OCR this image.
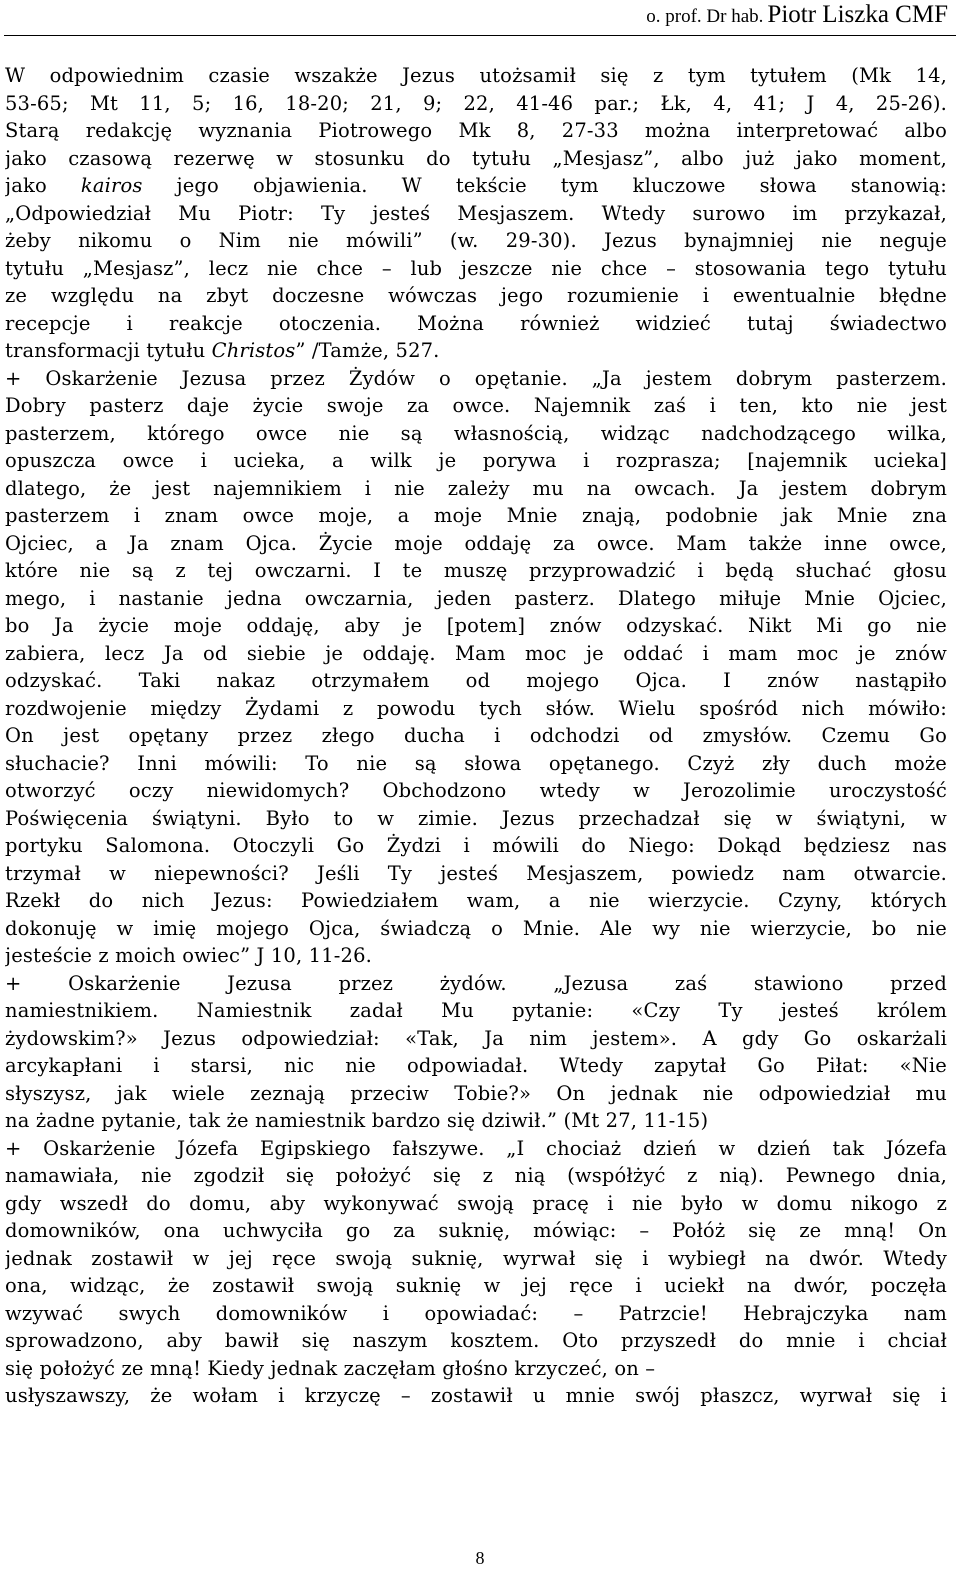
o. prof. Dr hab. Piotr Liszka CMF
W odpowiednim czasie wszakże Jezus utożsamił się z tym tytułem (Mk 14,
53-65; Mt 11, 5; 16, 18-20; 21, 9; 22, 41-46 par.; Łk, 4, 41; J 4, 25-26).
Starą redakcję wyznania Piotrowego Mk 8, 27-33 można interpretować albo
jako czasową rezerwę w stosunku do tytułu „Mesjasz”, albo już jako moment,
jako kairos jego objawienia. W tekście tym kluczowe słowa stanowią:
„Odpowiedział Mu Piotr: Ty jesteś Mesjaszem. Wtedy surowo im przykazał,
żeby nikomu o Nim nie mówili” (w. 29-30). Jezus bynajmniej nie neguje
tytułu „Mesjasz”, lecz nie chce – lub jeszcze nie chce – stosowania tego tytułu
ze względu na zbyt doczesne wówczas jego rozumienie i ewentualnie błędne
recepcje i reakcje otoczenia. Można również widzieć tutaj świadectwo
transformacji tytułu Christos” /Tamże, 527.
+ Oskarżenie Jezusa przez Żydów o opętanie. „Ja jestem dobrym pasterzem.
Dobry pasterz daje życie swoje za owce. Najemnik zaś i ten, kto nie jest
pasterzem, którego owce nie są własnością, widząc nadchodzącego wilka,
opuszcza owce i ucieka, a wilk je porywa i rozprasza; [najemnik ucieka]
dlatego, że jest najemnikiem i nie zależy mu na owcach. Ja jestem dobrym
pasterzem i znam owce moje, a moje Mnie znają, podobnie jak Mnie zna
Ojciec, a Ja znam Ojca. Życie moje oddaję za owce. Mam także inne owce,
które nie są z tej owczarni. I te muszę przyprowadzić i będą słuchać głosu
mego, i nastanie jedna owczarnia, jeden pasterz. Dlatego miłuje Mnie Ojciec,
bo Ja życie moje oddaję, aby je [potem] znów odzyskać. Nikt Mi go nie
zabiera, lecz Ja od siebie je oddaję. Mam moc je oddać i mam moc je znów
odzyskać. Taki nakaz otrzymałem od mojego Ojca. I znów nastąpiło
rozdwojenie między Żydami z powodu tych słów. Wielu spośród nich mówiło:
On jest opętany przez złego ducha i odchodzi od zmysłów. Czemu Go
słuchacie? Inni mówili: To nie są słowa opętanego. Czyż zły duch może
otworzyć oczy niewidomych? Obchodzono wtedy w Jerozolimie uroczystość
Poświęcenia świątyni. Było to w zimie. Jezus przechadzał się w świątyni, w
portyku Salomona. Otoczyli Go Żydzi i mówili do Niego: Dokąd będziesz nas
trzymał w niepewności? Jeśli Ty jesteś Mesjaszem, powiedz nam otwarcie.
Rzekł do nich Jezus: Powiedziałem wam, a nie wierzycie. Czyny, których
dokonuję w imię mojego Ojca, świadczą o Mnie. Ale wy nie wierzycie, bo nie
jesteście z moich owiec” J 10, 11-26.
+ Oskarżenie Jezusa przez żydów. „Jezusa zaś stawiono przed
namiestnikiem. Namiestnik zadał Mu pytanie: «Czy Ty jesteś królem
żydowskim?» Jezus odpowiedział: «Tak, Ja nim jestem». A gdy Go oskarżali
arcykapłani i starsi, nic nie odpowiadał. Wtedy zapytał Go Piłat: «Nie
słyszysz, jak wiele zeznają przeciw Tobie?» On jednak nie odpowiedział mu
na żadne pytanie, tak że namiestnik bardzo się dziwił.” (Mt 27, 11-15)
+ Oskarżenie Józefa Egipskiego fałszywe. „I chociaż dzień w dzień tak Józefa
namawiała, nie zgodził się położyć się z nią (współżyć z nią). Pewnego dnia,
gdy wszedł do domu, aby wykonywać swoją pracę i nie było w domu nikogo z
domowników, ona uchwyciła go za suknię, mówiąc: – Połóż się ze mną! On
jednak zostawił w jej ręce swoją suknię, wyrwał się i wybiegł na dwór. Wtedy
ona, widząc, że zostawił swoją suknię w jej ręce i uciekł na dwór, poczęła
wzywać swych domowników i opowiadać: – Patrzcie! Hebrajczyka nam
sprowadzono, aby bawił się naszym kosztem. Oto przyszedł do mnie i chciał
się położyć ze mną! Kiedy jednak zaczęłam głośno krzyczeć, on –
usłyszawszy, że wołam i krzyczę – zostawił u mnie swój płaszcz, wyrwał się i
8
